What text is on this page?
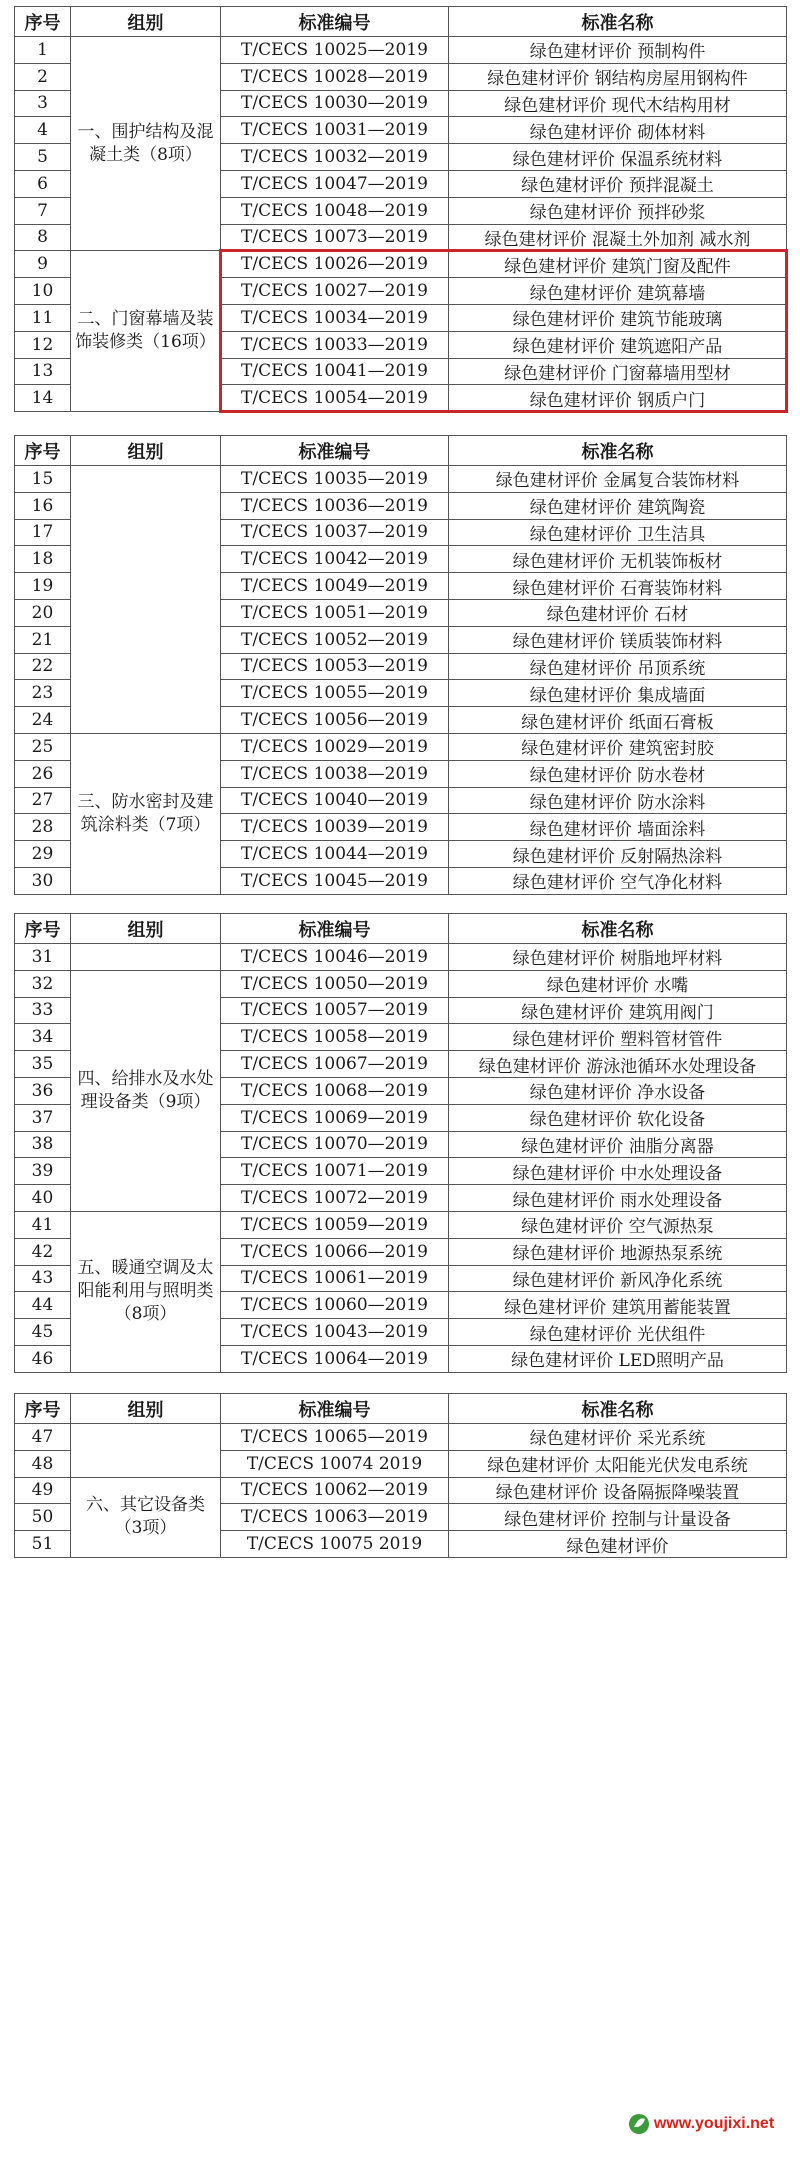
序号	组别	标准编号	标准名称
1	一、围护结构及混凝土类（8项）	T/CECS 10025—2019	绿色建材评价 预制构件
2		T/CECS 10028—2019	绿色建材评价 钢结构房屋用钢构件
3		T/CECS 10030—2019	绿色建材评价 现代木结构用材
4		T/CECS 10031—2019	绿色建材评价 砌体材料
5		T/CECS 10032—2019	绿色建材评价 保温系统材料
6		T/CECS 10047—2019	绿色建材评价 预拌混凝土
7		T/CECS 10048—2019	绿色建材评价 预拌砂浆
8		T/CECS 10073—2019	绿色建材评价 混凝土外加剂 减水剂
9	二、门窗幕墙及装饰装修类（16项）	T/CECS 10026—2019	绿色建材评价 建筑门窗及配件
10		T/CECS 10027—2019	绿色建材评价 建筑幕墙
11		T/CECS 10034—2019	绿色建材评价 建筑节能玻璃
12		T/CECS 10033—2019	绿色建材评价 建筑遮阳产品
13		T/CECS 10041—2019	绿色建材评价 门窗幕墙用型材
14		T/CECS 10054—2019	绿色建材评价 钢质户门
序号	组别	标准编号	标准名称
15		T/CECS 10035—2019	绿色建材评价 金属复合装饰材料
16		T/CECS 10036—2019	绿色建材评价 建筑陶瓷
17		T/CECS 10037—2019	绿色建材评价 卫生洁具
18		T/CECS 10042—2019	绿色建材评价 无机装饰板材
19		T/CECS 10049—2019	绿色建材评价 石膏装饰材料
20		T/CECS 10051—2019	绿色建材评价 石材
21		T/CECS 10052—2019	绿色建材评价 镁质装饰材料
22		T/CECS 10053—2019	绿色建材评价 吊顶系统
23		T/CECS 10055—2019	绿色建材评价 集成墙面
24		T/CECS 10056—2019	绿色建材评价 纸面石膏板
25	三、防水密封及建筑涂料类（7项）	T/CECS 10029—2019	绿色建材评价 建筑密封胶
26		T/CECS 10038—2019	绿色建材评价 防水卷材
27		T/CECS 10040—2019	绿色建材评价 防水涂料
28		T/CECS 10039—2019	绿色建材评价 墙面涂料
29		T/CECS 10044—2019	绿色建材评价 反射隔热涂料
30		T/CECS 10045—2019	绿色建材评价 空气净化材料
序号	组别	标准编号	标准名称
31		T/CECS 10046—2019	绿色建材评价 树脂地坪材料
32	四、给排水及水处理设备类（9项）	T/CECS 10050—2019	绿色建材评价 水嘴
33		T/CECS 10057—2019	绿色建材评价 建筑用阀门
34		T/CECS 10058—2019	绿色建材评价 塑料管材管件
35		T/CECS 10067—2019	绿色建材评价 游泳池循环水处理设备
36		T/CECS 10068—2019	绿色建材评价 净水设备
37		T/CECS 10069—2019	绿色建材评价 软化设备
38		T/CECS 10070—2019	绿色建材评价 油脂分离器
39		T/CECS 10071—2019	绿色建材评价 中水处理设备
40		T/CECS 10072—2019	绿色建材评价 雨水处理设备
41	五、暖通空调及太阳能利用与照明类（8项）	T/CECS 10059—2019	绿色建材评价 空气源热泵
42		T/CECS 10066—2019	绿色建材评价 地源热泵系统
43		T/CECS 10061—2019	绿色建材评价 新风净化系统
44		T/CECS 10060—2019	绿色建材评价 建筑用蓄能装置
45		T/CECS 10043—2019	绿色建材评价 光伏组件
46		T/CECS 10064—2019	绿色建材评价 LED照明产品
序号	组别	标准编号	标准名称
47		T/CECS 10065—2019	绿色建材评价 采光系统
48		T/CECS 10074 2019	绿色建材评价 太阳能光伏发电系统
49	六、其它设备类（3项）	T/CECS 10062—2019	绿色建材评价 设备隔振降噪装置
50		T/CECS 10063—2019	绿色建材评价 控制与计量设备
51		T/CECS 10075 2019	绿色建材评价
www.youjixi.net
